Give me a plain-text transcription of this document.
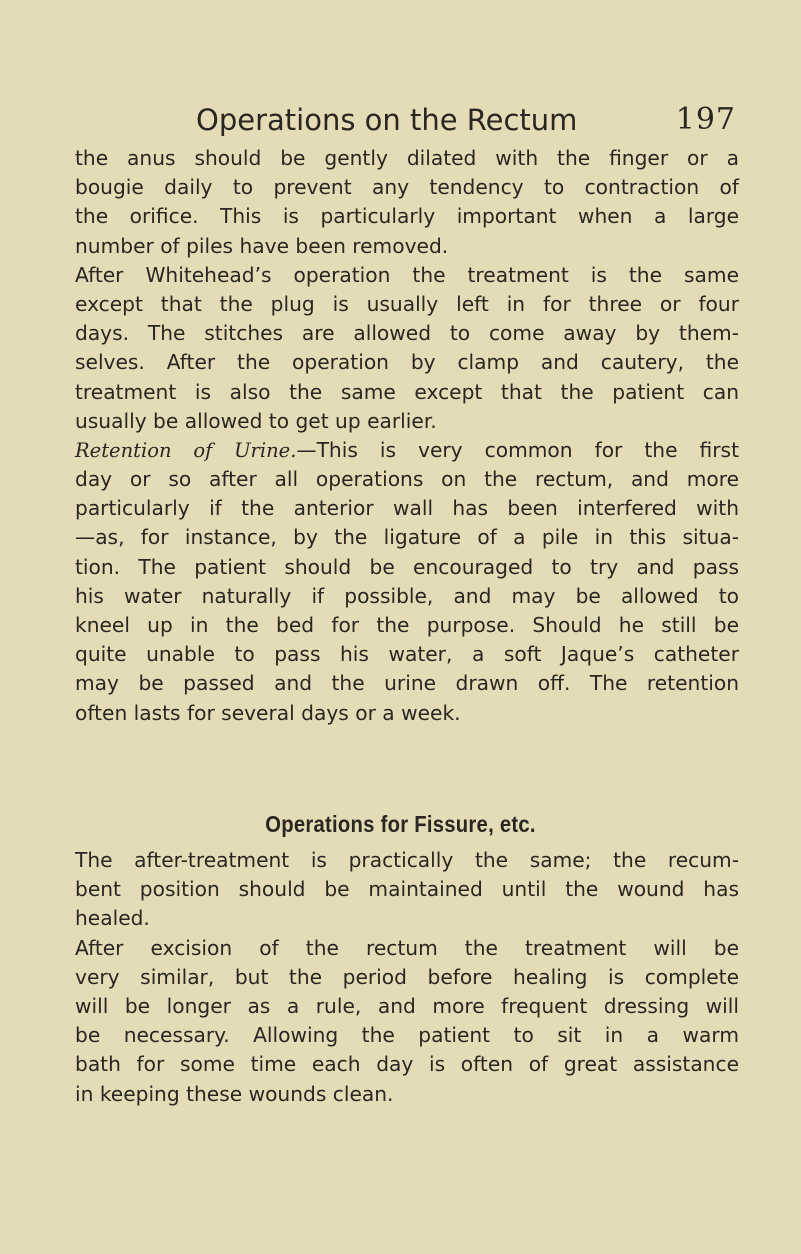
Operations on the Rectum	197
the anus should be gently dilated with the finger or a
bougie daily to prevent any tendency to contraction of
the orifice. This is particularly important when a large
number of piles have been removed.
After Whitehead’s operation the treatment is the same
except that the plug is usually left in for three or four
days. The stitches are allowed to come away by them-
selves. After the operation by clamp and cautery, the
treatment is also the same except that the patient can
usually be allowed to get up earlier.
Retention of Urine.—This is very common for the first
day or so after all operations on the rectum, and more
particularly if the anterior wall has been interfered with
—as, for instance, by the ligature of a pile in this situa-
tion. The patient should be encouraged to try and pass
his water naturally if possible, and may be allowed to
kneel up in the bed for the purpose. Should he still be
quite unable to pass his water, a soft Jaque’s catheter
may be passed and the urine drawn off. The retention
often lasts for several days or a week.
Operations for Fissure, etc.
The after-treatment is practically the same; the recum-
bent position should be maintained until the wound has
healed.
After excision of the rectum the treatment will be
very similar, but the period before healing is complete
will be longer as a rule, and more frequent dressing will
be necessary. Allowing the patient to sit in a warm
bath for some time each day is often of great assistance
in keeping these wounds clean.
